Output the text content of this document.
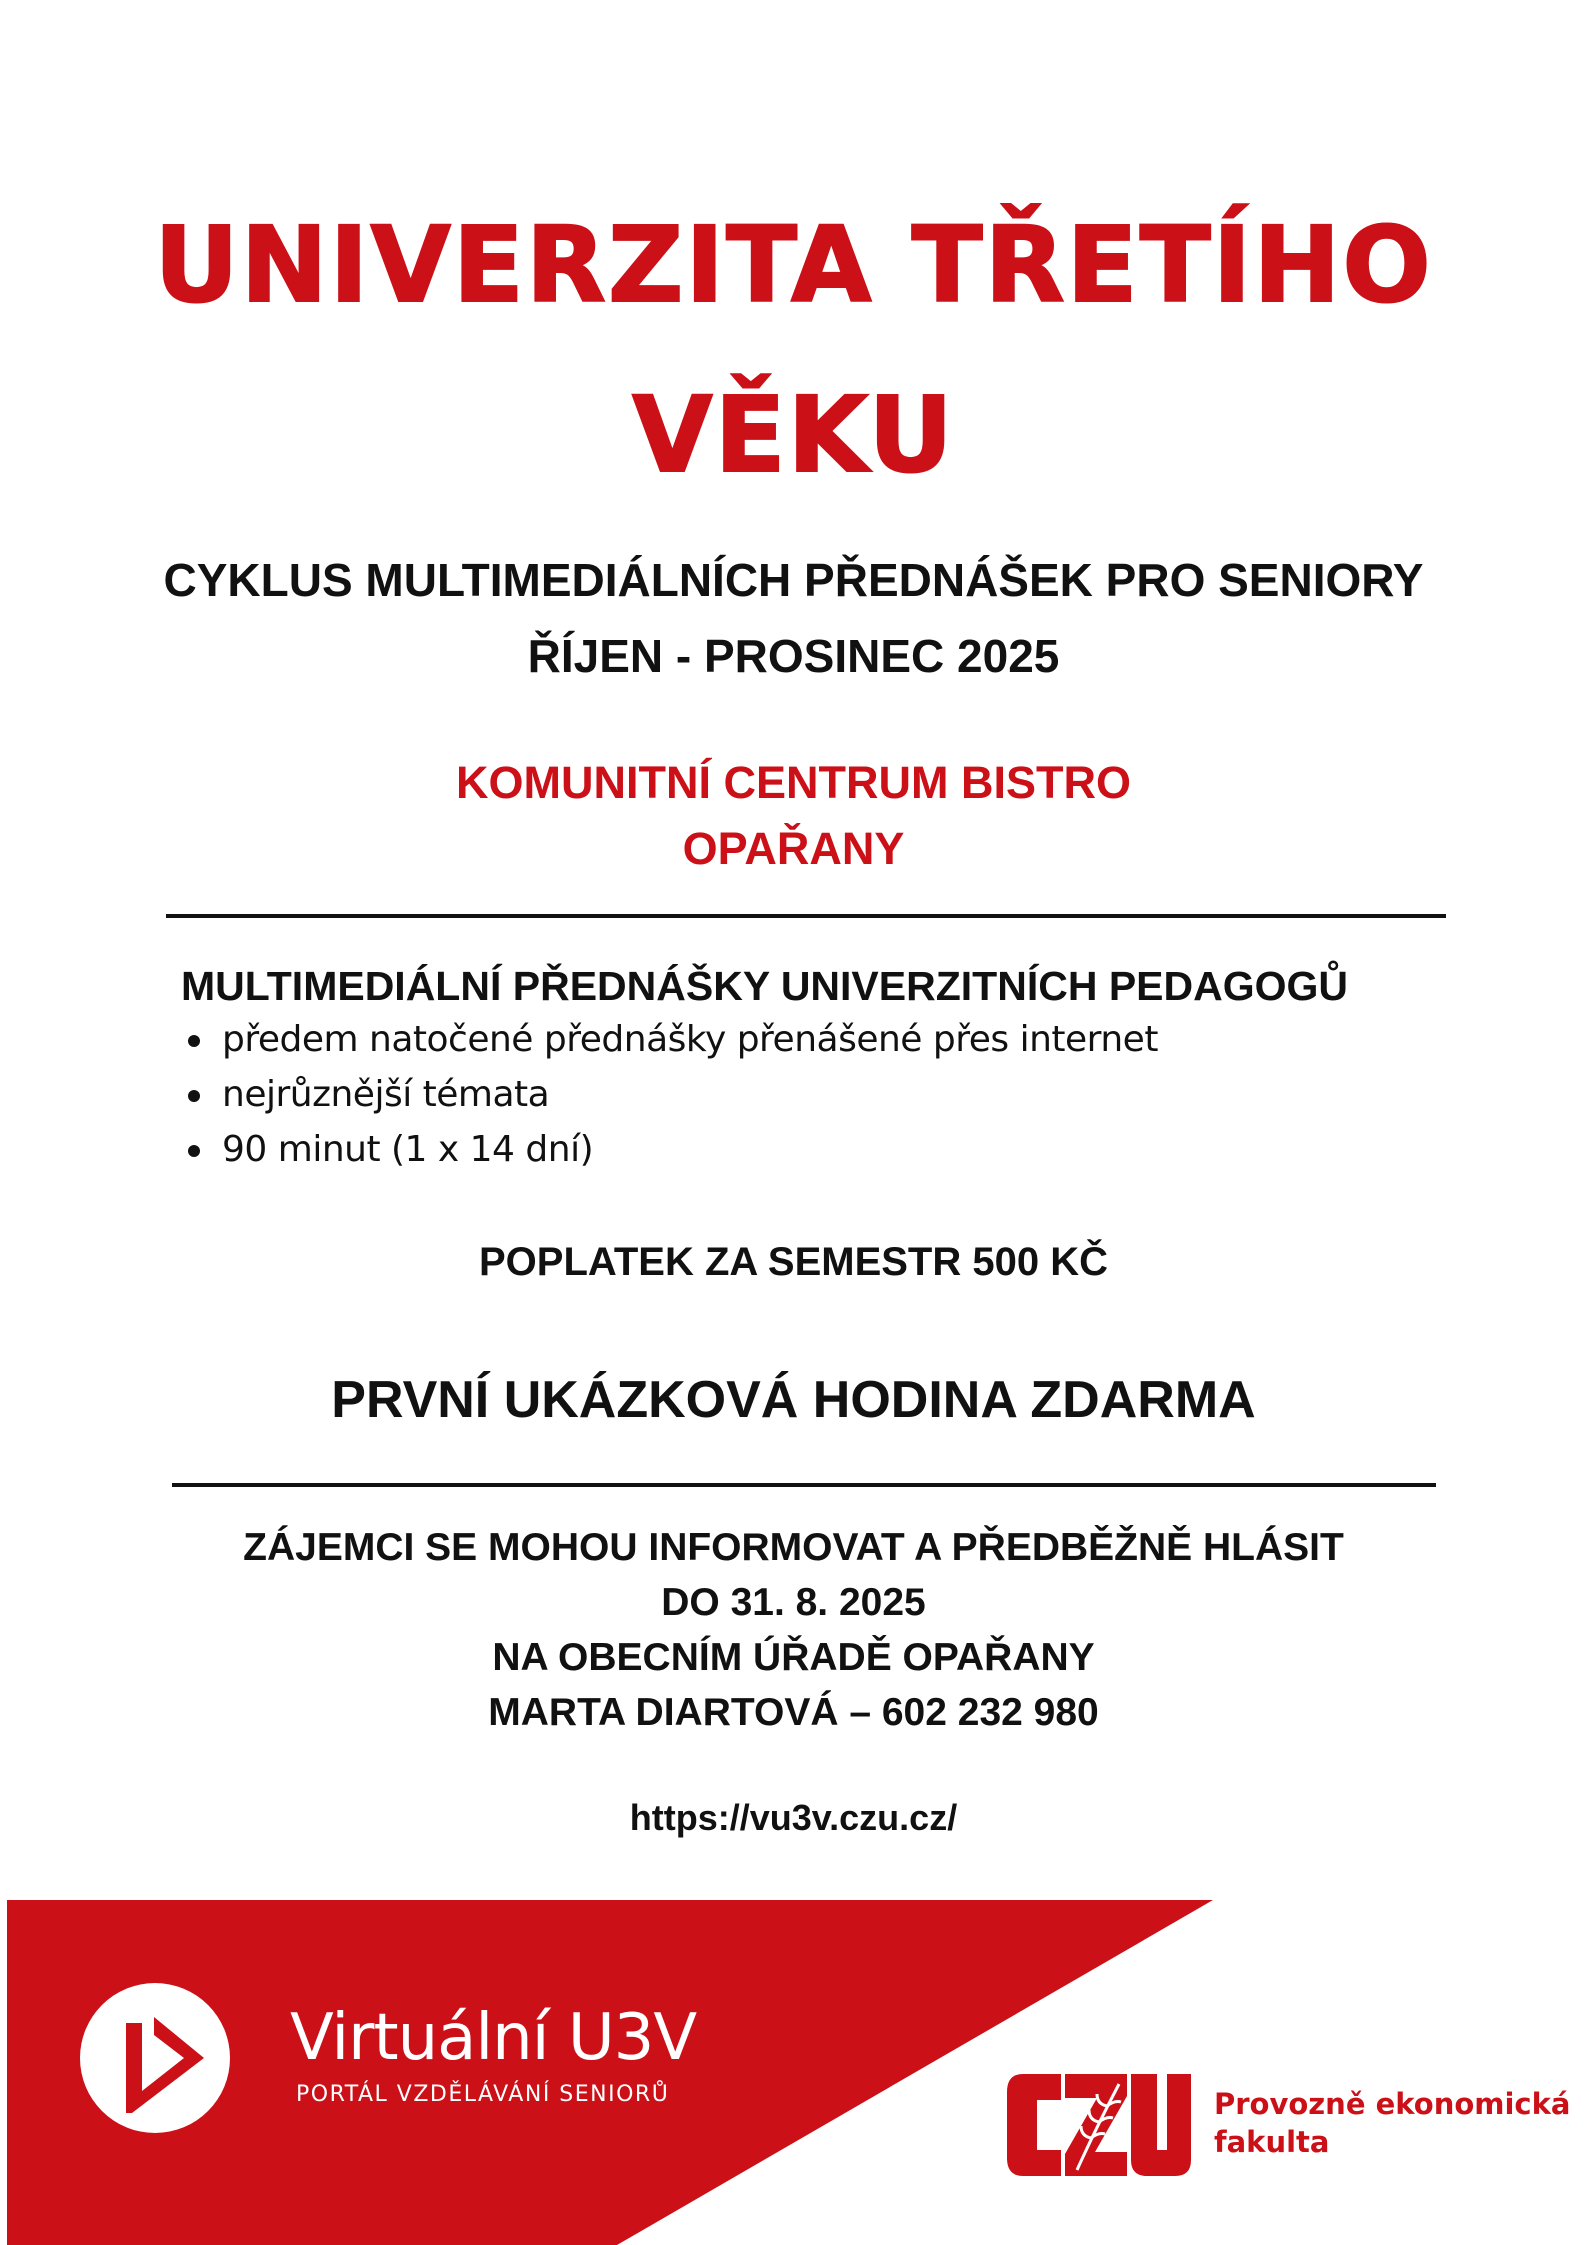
UNIVERZITA TŘETÍHO
VĚKU
CYKLUS MULTIMEDIÁLNÍCH PŘEDNÁŠEK PRO SENIORY
ŘÍJEN - PROSINEC 2025
KOMUNITNÍ CENTRUM BISTRO
OPAŘANY
MULTIMEDIÁLNÍ PŘEDNÁŠKY UNIVERZITNÍCH PEDAGOGŮ
předem natočené přednášky přenášené přes internet
nejrůznější témata
90 minut (1 x 14 dní)
POPLATEK ZA SEMESTR 500 KČ
PRVNÍ UKÁZKOVÁ HODINA ZDARMA
ZÁJEMCI SE MOHOU INFORMOVAT A PŘEDBĚŽNĚ HLÁSIT
DO 31. 8. 2025
NA OBECNÍM ÚŘADĚ OPAŘANY
MARTA DIARTOVÁ – 602 232 980
https://vu3v.czu.cz/
Virtuální U3V
PORTÁL VZDĚLÁVÁNÍ SENIORŮ	Provozně ekonomická
fakulta
